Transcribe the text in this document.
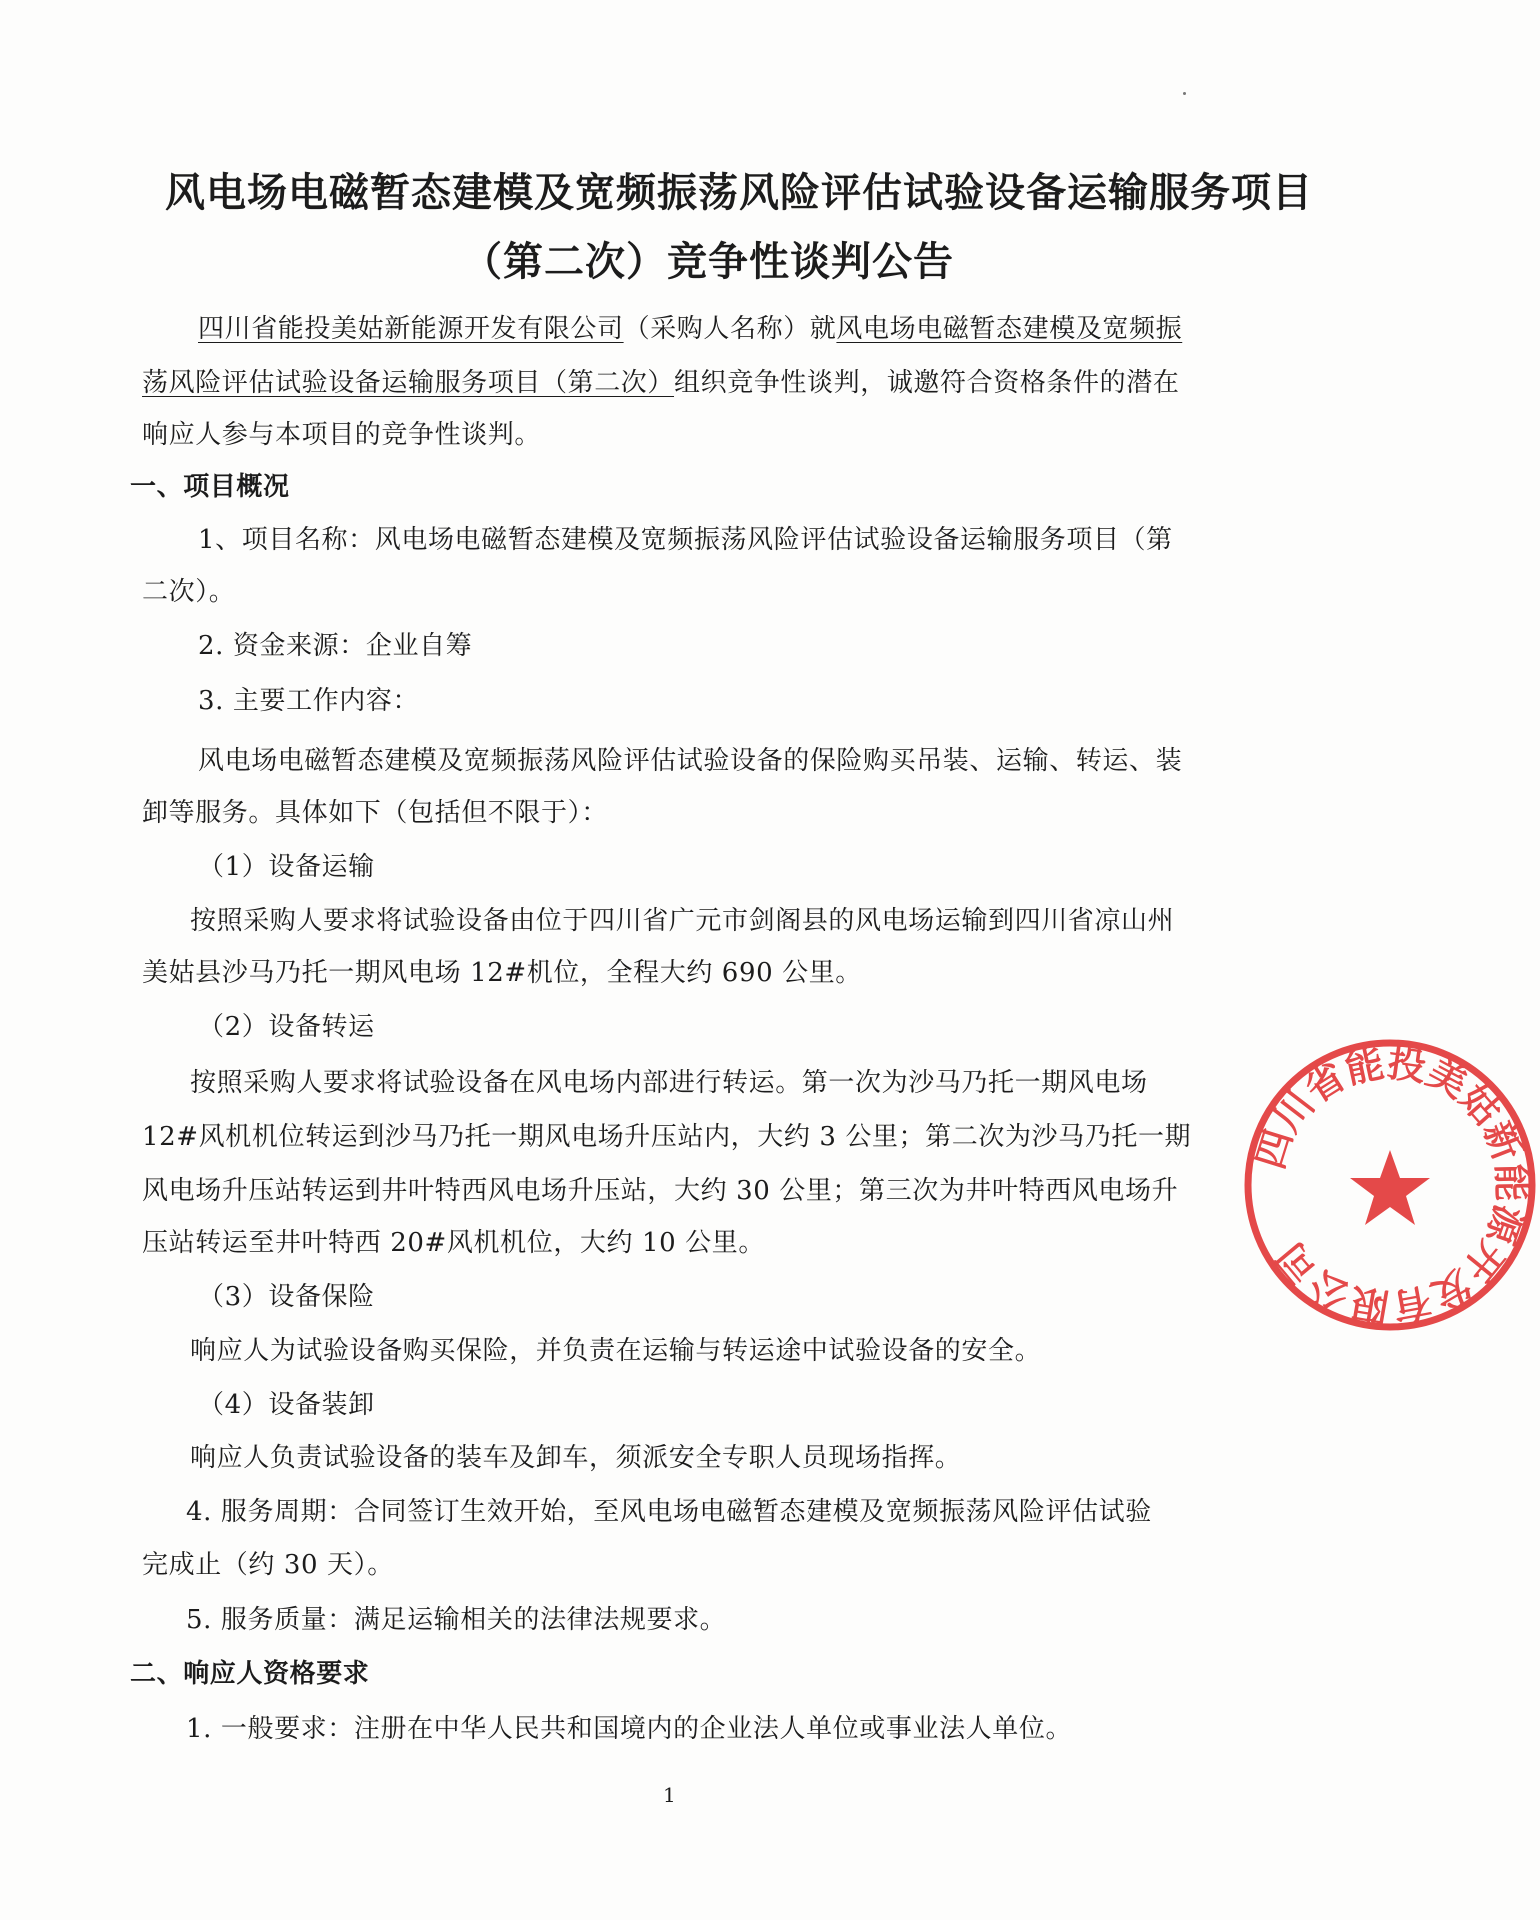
风电场电磁暂态建模及宽频振荡风险评估试验设备运输服务项目
（第二次）竞争性谈判公告
四川省能投美姑新能源开发有限公司（采购人名称）就风电场电磁暂态建模及宽频振
荡风险评估试验设备运输服务项目（第二次）组织竞争性谈判，诚邀符合资格条件的潜在
响应人参与本项目的竞争性谈判。
一、项目概况
1、项目名称：风电场电磁暂态建模及宽频振荡风险评估试验设备运输服务项目（第
二次）。
2. 资金来源：企业自筹
3. 主要工作内容：
风电场电磁暂态建模及宽频振荡风险评估试验设备的保险购买吊装、运输、转运、装
卸等服务。具体如下（包括但不限于）：
（1）设备运输
按照采购人要求将试验设备由位于四川省广元市剑阁县的风电场运输到四川省凉山州
美姑县沙马乃托一期风电场 12#机位，全程大约 690 公里。
（2）设备转运
按照采购人要求将试验设备在风电场内部进行转运。第一次为沙马乃托一期风电场
12#风机机位转运到沙马乃托一期风电场升压站内，大约 3 公里；第二次为沙马乃托一期
风电场升压站转运到井叶特西风电场升压站，大约 30 公里；第三次为井叶特西风电场升
压站转运至井叶特西 20#风机机位，大约 10 公里。
（3）设备保险
响应人为试验设备购买保险，并负责在运输与转运途中试验设备的安全。
（4）设备装卸
响应人负责试验设备的装车及卸车，须派安全专职人员现场指挥。
4. 服务周期：合同签订生效开始，至风电场电磁暂态建模及宽频振荡风险评估试验
完成止（约 30 天）。
5. 服务质量：满足运输相关的法律法规要求。
二、响应人资格要求
1. 一般要求：注册在中华人民共和国境内的企业法人单位或事业法人单位。
1
四川省能投美姑新能源开发有限公司
